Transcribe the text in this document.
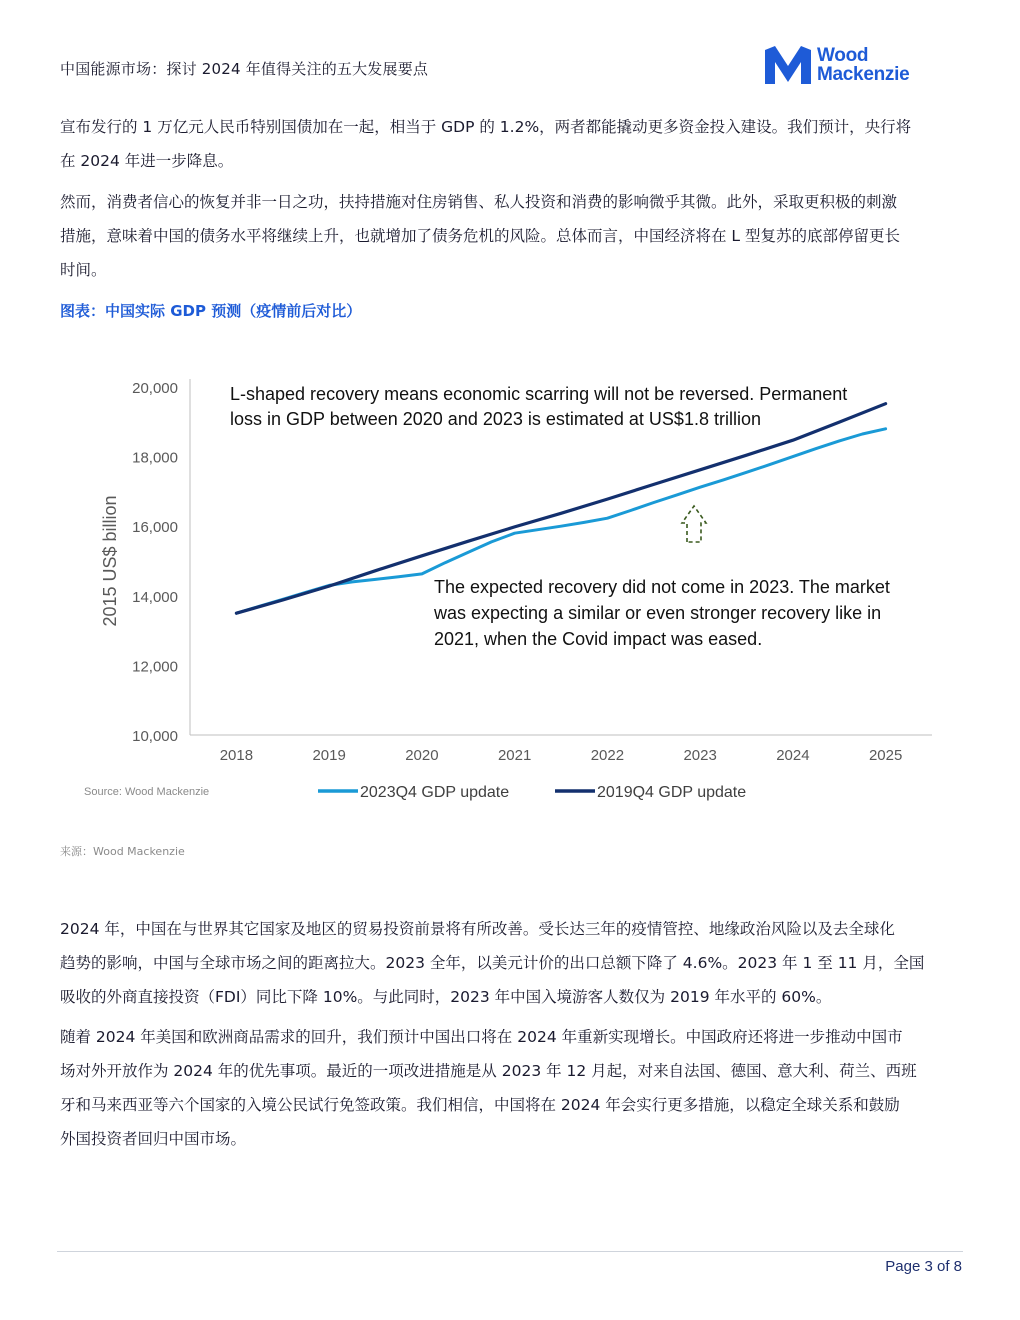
中国能源市场：探讨 2024 年值得关注的五大发展要点
Wood
Mackenzie
宣布发行的 1 万亿元人民币特别国债加在一起，相当于 GDP 的 1.2%，两者都能撬动更多资金投入建设。我们预计，央行将
在 2024 年进一步降息。
然而，消费者信心的恢复并非一日之功，扶持措施对住房销售、私人投资和消费的影响微乎其微。此外，采取更积极的刺激
措施，意味着中国的债务水平将继续上升，也就增加了债务危机的风险。总体而言，中国经济将在 L 型复苏的底部停留更长
时间。
图表：中国实际 GDP 预测（疫情前后对比）
10,000
12,000
14,000
16,000
18,000
20,000
2018	2019	2020	2021	2022	2023	2024	2025
2015 US$ billion
L-shaped recovery means economic scarring will not be reversed. Permanent
loss in GDP between 2020 and 2023 is estimated at US$1.8 trillion
The expected recovery did not come in 2023. The market
was expecting a similar or even stronger recovery like in
2021, when the Covid impact was eased.
Source: Wood Mackenzie	2023Q4 GDP update	2019Q4 GDP update
来源：Wood Mackenzie
2024 年，中国在与世界其它国家及地区的贸易投资前景将有所改善。受长达三年的疫情管控、地缘政治风险以及去全球化
趋势的影响，中国与全球市场之间的距离拉大。2023 全年，以美元计价的出口总额下降了 4.6%。2023 年 1 至 11 月，全国
吸收的外商直接投资（FDI）同比下降 10%。与此同时，2023 年中国入境游客人数仅为 2019 年水平的 60%。
随着 2024 年美国和欧洲商品需求的回升，我们预计中国出口将在 2024 年重新实现增长。中国政府还将进一步推动中国市
场对外开放作为 2024 年的优先事项。最近的一项改进措施是从 2023 年 12 月起，对来自法国、德国、意大利、荷兰、西班
牙和马来西亚等六个国家的入境公民试行免签政策。我们相信，中国将在 2024 年会实行更多措施，以稳定全球关系和鼓励
外国投资者回归中国市场。
Page 3 of 8
